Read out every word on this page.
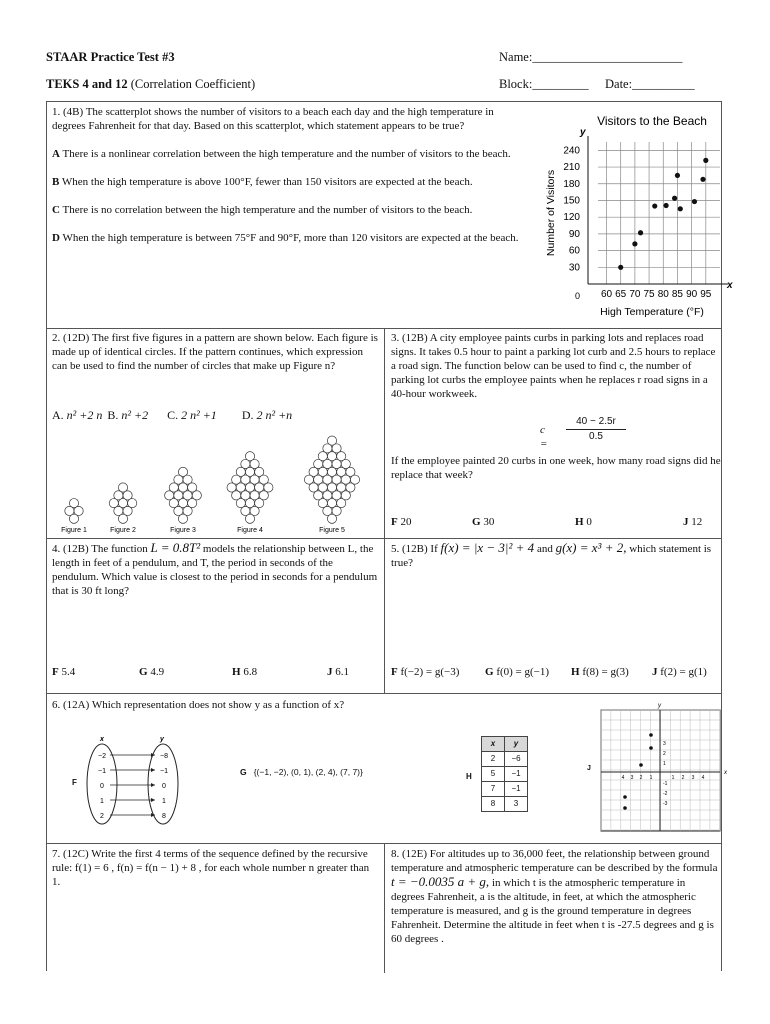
STAAR Practice Test #3
TEKS 4 and 12 (Correlation Coefficient)
Name:________________________
Block:_________ Date:__________
1. (4B) The scatterplot shows the number of visitors to a beach each day and the high temperature in degrees Fahrenheit for that day. Based on this scatterplot, which statement appears to be true?
A There is a nonlinear correlation between the high temperature and the number of visitors to the beach.
B When the high temperature is above 100°F, fewer than 150 visitors are expected at the beach.
C There is no correlation between the high temperature and the number of visitors to the beach.
D When the high temperature is between 75°F and 90°F, more than 120 visitors are expected at the beach.
Visitors to the Beach
60 65 70 75 80 85 90 95
30
60
90
120
150
180
210
240
y
x
0
High Temperature (°F)
Number of Visitors
2. (12D) The first five figures in a pattern are shown below. Each figure is made up of identical circles. If the pattern continues, which expression can be used to find the number of circles that make up Figure n?
A. n² +2 n B. n² +2 C. 2 n² +1 D. 2 n² +n
Figure 1	Figure 2	Figure 3	Figure 4	Figure 5
3. (12B) A city employee paints curbs in parking lots and replaces road signs. It takes 0.5 hour to paint a parking lot curb and 2.5 hours to replace a road sign. The function below can be used to find c, the number of parking lot curbs the employee paints when he replaces r road signs in a 40-hour workweek.
c =
40 − 2.5r
0.5
If the employee painted 20 curbs in one week, how many road signs did he replace that week?
F 20	G 30	H 0	J 12
4. (12B) The function L = 0.8T² models the relationship between L, the length in feet of a pendulum, and T, the period in seconds of the pendulum. Which value is closest to the period in seconds for a pendulum that is 30 ft long?
F 5.4	G 4.9	H 6.8	J 6.1
5. (12B) If f(x) = |x − 3|² + 4 and g(x) = x³ + 2, which statement is true?
F f(−2) = g(−3) G f(0) = g(−1) H f(8) = g(3) J f(2) = g(1)
6. (12A) Which representation does not show y as a function of x?
F
x	y
−2
−1
0
1
2
−8
−1
0
1
8
G {(−1, −2), (0, 1), (2, 4), (7, 7)}	H
x	y
2	−6
5	−1
7	−1
8	3
J
x
y
4 3 2 1	1 2 3 4
3
2
1
-1
-2
-3
7. (12C) Write the first 4 terms of the sequence defined by the recursive rule: f(1) = 6 , f(n) = f(n − 1) + 8 , for each whole number n greater than 1.
8. (12E) For altitudes up to 36,000 feet, the relationship between ground temperature and atmospheric temperature can be described by the formula t = −0.0035 a + g, in which t is the atmospheric temperature in degrees Fahrenheit, a is the altitude, in feet, at which the atmospheric temperature is measured, and g is the ground temperature in degrees Fahrenheit. Determine the altitude in feet when t is -27.5 degrees and g is 60 degrees .
